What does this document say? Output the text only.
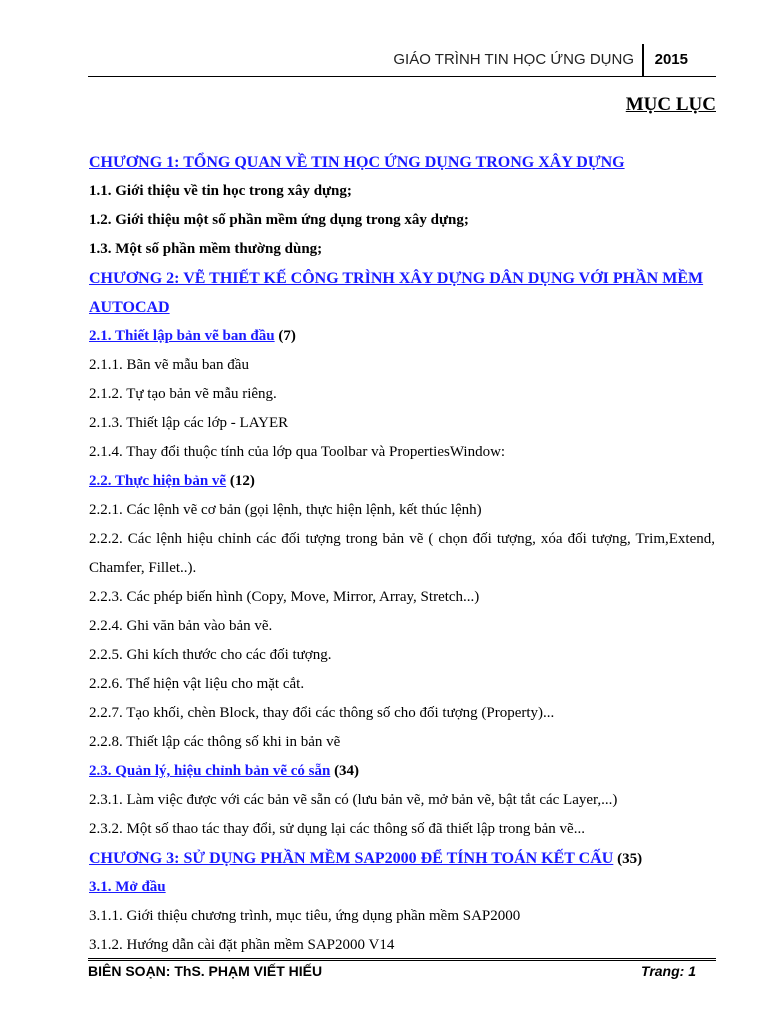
GIÁO TRÌNH TIN HỌC ỨNG DỤNG 2015
MỤC LỤC
CHƯƠNG 1: TỔNG QUAN VỀ TIN HỌC ỨNG DỤNG TRONG XÂY DỰNG
1.1. Giới thiệu về tin học trong xây dựng;
1.2. Giới thiệu một số phần mềm ứng dụng trong xây dựng;
1.3. Một số phần mềm thường dùng;
CHƯƠNG 2: VẼ THIẾT KẾ CÔNG TRÌNH XÂY DỰNG DÂN DỤNG VỚI PHẦN MỀM AUTOCAD
2.1. Thiết lập bản vẽ ban đầu (7)
2.1.1. Bãn vẽ mẫu ban đầu
2.1.2. Tự tạo bản vẽ mẫu riêng.
2.1.3. Thiết lập các lớp - LAYER
2.1.4. Thay đổi thuộc tính của lớp qua Toolbar và PropertiesWindow:
2.2. Thực hiện bản vẽ (12)
2.2.1. Các lệnh vẽ cơ bản (gọi lệnh, thực hiện lệnh, kết thúc lệnh)
2.2.2. Các lệnh hiệu chỉnh các đối tượng trong bản vẽ ( chọn đối tượng, xóa đối tượng, Trim,Extend, Chamfer, Fillet..).
2.2.3. Các phép biến hình (Copy, Move, Mirror, Array, Stretch...)
2.2.4. Ghi văn bản vào bản vẽ.
2.2.5. Ghi kích thước cho các đối tượng.
2.2.6. Thể hiện vật liệu cho mặt cắt.
2.2.7. Tạo khối, chèn Block, thay đổi các thông số cho đối tượng (Property)...
2.2.8. Thiết lập các thông số khi in bản vẽ
2.3. Quản lý, hiệu chỉnh bản vẽ có sẵn (34)
2.3.1. Làm việc được với các bản vẽ sẵn có (lưu bản vẽ, mở bản vẽ, bật tắt các Layer,...)
2.3.2. Một số thao tác thay đổi, sử dụng lại các thông số đã thiết lập trong bản vẽ...
CHƯƠNG 3: SỬ DỤNG PHẦN MỀM SAP2000 ĐỂ TÍNH TOÁN KẾT CẤU (35)
3.1. Mở đầu
3.1.1. Giới thiệu chương trình, mục tiêu, ứng dụng phần mềm SAP2000
3.1.2. Hướng dẫn cài đặt phần mềm SAP2000 V14
BIÊN SOẠN: ThS. PHẠM VIẾT HIẾU	Trang: 1
